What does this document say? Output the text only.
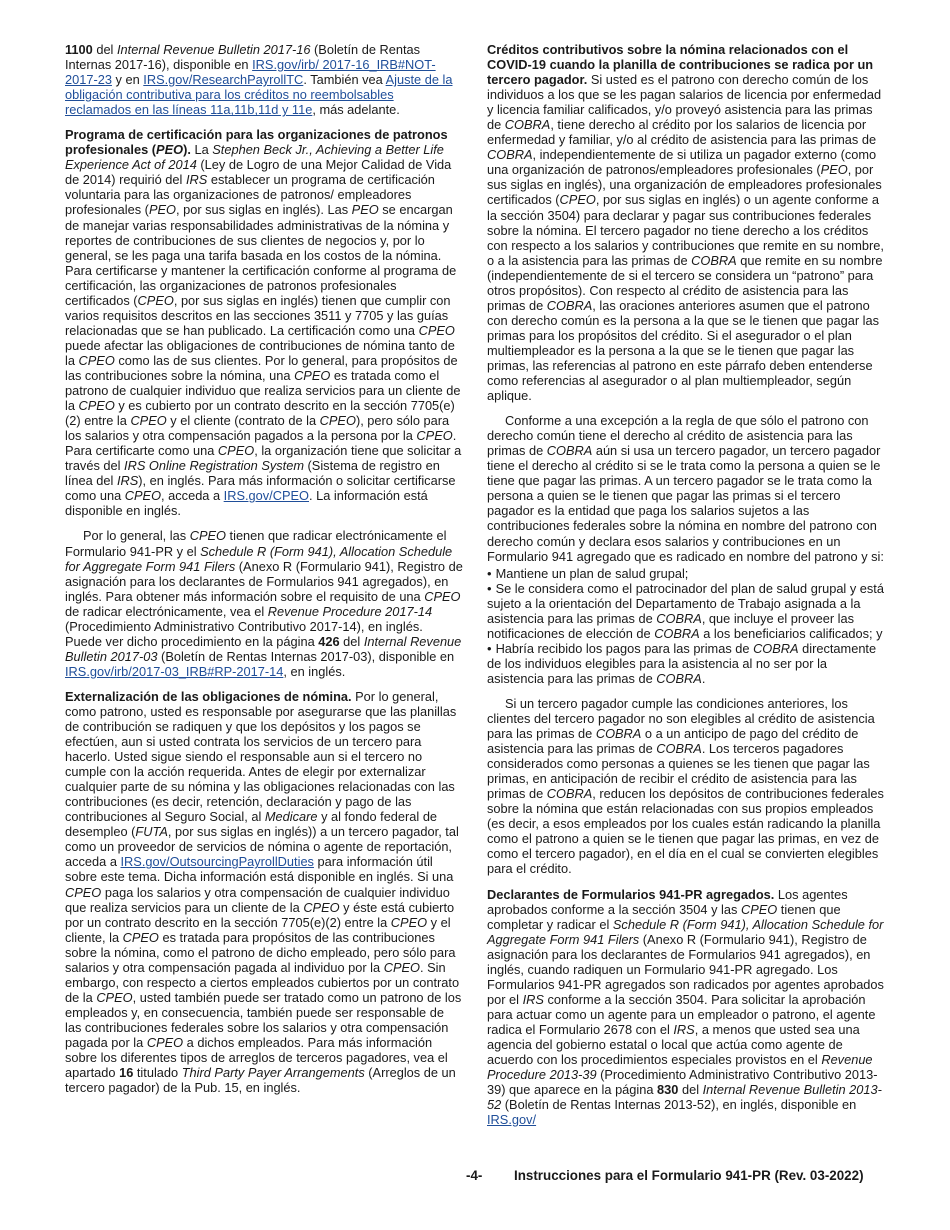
1100 del Internal Revenue Bulletin 2017-16 (Boletín de Rentas Internas 2017-16), disponible en IRS.gov/irb/ 2017-16_IRB#NOT-2017-23 y en IRS.gov/ResearchPayrollTC. También vea Ajuste de la obligación contributiva para los créditos no reembolsables reclamados en las líneas 11a,11b,11d y 11e, más adelante.

Programa de certificación para las organizaciones de patronos profesionales (PEO). La Stephen Beck Jr., Achieving a Better Life Experience Act of 2014 (Ley de Logro de una Mejor Calidad de Vida de 2014) requirió del IRS establecer un programa de certificación voluntaria para las organizaciones de patronos/ empleadores profesionales (PEO, por sus siglas en inglés). Las PEO se encargan de manejar varias responsabilidades administrativas de la nómina y reportes de contribuciones de sus clientes de negocios y, por lo general, se les paga una tarifa basada en los costos de la nómina. Para certificarse y mantener la certificación conforme al programa de certificación, las organizaciones de patronos profesionales certificados (CPEO, por sus siglas en inglés) tienen que cumplir con varios requisitos descritos en las secciones 3511 y 7705 y las guías relacionadas que se han publicado. La certificación como una CPEO puede afectar las obligaciones de contribuciones de nómina tanto de la CPEO como las de sus clientes. Por lo general, para propósitos de las contribuciones sobre la nómina, una CPEO es tratada como el patrono de cualquier individuo que realiza servicios para un cliente de la CPEO y es cubierto por un contrato descrito en la sección 7705(e)(2) entre la CPEO y el cliente (contrato de la CPEO), pero sólo para los salarios y otra compensación pagados a la persona por la CPEO. Para certificarte como una CPEO, la organización tiene que solicitar a través del IRS Online Registration System (Sistema de registro en línea del IRS), en inglés. Para más información o solicitar certificarse como una CPEO, acceda a IRS.gov/CPEO. La información está disponible en inglés.

Por lo general, las CPEO tienen que radicar electrónicamente el Formulario 941-PR y el Schedule R (Form 941), Allocation Schedule for Aggregate Form 941 Filers (Anexo R (Formulario 941), Registro de asignación para los declarantes de Formularios 941 agregados), en inglés. Para obtener más información sobre el requisito de una CPEO de radicar electrónicamente, vea el Revenue Procedure 2017-14 (Procedimiento Administrativo Contributivo 2017-14), en inglés. Puede ver dicho procedimiento en la página 426 del Internal Revenue Bulletin 2017-03 (Boletín de Rentas Internas 2017-03), disponible en IRS.gov/irb/2017-03_IRB#RP-2017-14, en inglés.

Externalización de las obligaciones de nómina. Por lo general, como patrono, usted es responsable por asegurarse que las planillas de contribución se radiquen y que los depósitos y los pagos se efectúen, aun si usted contrata los servicios de un tercero para hacerlo. Usted sigue siendo el responsable aun si el tercero no cumple con la acción requerida. Antes de elegir por externalizar cualquier parte de su nómina y las obligaciones relacionadas con las contribuciones (es decir, retención, declaración y pago de las contribuciones al Seguro Social, al Medicare y al fondo federal de desempleo (FUTA, por sus siglas en inglés)) a un tercero pagador, tal como un proveedor de servicios de nómina o agente de reportación, acceda a IRS.gov/OutsourcingPayrollDuties para información útil sobre este tema. Dicha información está disponible en inglés. Si una CPEO paga los salarios y otra compensación de cualquier individuo que realiza servicios para un cliente de la CPEO y éste está cubierto por un contrato descrito en la sección 7705(e)(2) entre la CPEO y el cliente, la CPEO es tratada para propósitos de las contribuciones sobre la nómina, como el patrono de dicho empleado, pero sólo para salarios y otra compensación pagada al individuo por la CPEO. Sin embargo, con respecto a ciertos empleados cubiertos por un contrato de la CPEO, usted también puede ser tratado como un patrono de los empleados y, en consecuencia, también puede ser responsable de las contribuciones federales sobre los salarios y otra compensación pagada por la CPEO a dichos empleados. Para más información sobre los diferentes tipos de arreglos de terceros pagadores, vea el apartado 16 titulado Third Party Payer Arrangements (Arreglos de un tercero pagador) de la Pub. 15, en inglés.

Créditos contributivos sobre la nómina relacionados con el COVID-19 cuando la planilla de contribuciones se radica por un tercero pagador. Si usted es el patrono con derecho común de los individuos a los que se les pagan salarios de licencia por enfermedad y licencia familiar calificados, y/o proveyó asistencia para las primas de COBRA, tiene derecho al crédito por los salarios de licencia por enfermedad y familiar, y/o al crédito de asistencia para las primas de COBRA, independientemente de si utiliza un pagador externo (como una organización de patronos/empleadores profesionales (PEO, por sus siglas en inglés), una organización de empleadores profesionales certificados (CPEO, por sus siglas en inglés) o un agente conforme a la sección 3504) para declarar y pagar sus contribuciones federales sobre la nómina. El tercero pagador no tiene derecho a los créditos con respecto a los salarios y contribuciones que remite en su nombre, o a la asistencia para las primas de COBRA que remite en su nombre (independientemente de si el tercero se considera un “patrono” para otros propósitos). Con respecto al crédito de asistencia para las primas de COBRA, las oraciones anteriores asumen que el patrono con derecho común es la persona a la que se le tienen que pagar las primas para los propósitos del crédito. Si el asegurador o el plan multiempleador es la persona a la que se le tienen que pagar las primas, las referencias al patrono en este párrafo deben entenderse como referencias al asegurador o al plan multiempleador, según aplique.

Conforme a una excepción a la regla de que sólo el patrono con derecho común tiene el derecho al crédito de asistencia para las primas de COBRA aún si usa un tercero pagador, un tercero pagador tiene el derecho al crédito si se le trata como la persona a quien se le tiene que pagar las primas. A un tercero pagador se le trata como la persona a quien se le tienen que pagar las primas si el tercero pagador es la entidad que paga los salarios sujetos a las contribuciones federales sobre la nómina en nombre del patrono con derecho común y declara esos salarios y contribuciones en un Formulario 941 agregado que es radicado en nombre del patrono y si:

• Mantiene un plan de salud grupal;
• Se le considera como el patrocinador del plan de salud grupal y está sujeto a la orientación del Departamento de Trabajo asignada a la asistencia para las primas de COBRA, que incluye el proveer las notificaciones de elección de COBRA a los beneficiarios calificados; y
• Habría recibido los pagos para las primas de COBRA directamente de los individuos elegibles para la asistencia al no ser por la asistencia para las primas de COBRA.

Si un tercero pagador cumple las condiciones anteriores, los clientes del tercero pagador no son elegibles al crédito de asistencia para las primas de COBRA o a un anticipo de pago del crédito de asistencia para las primas de COBRA. Los terceros pagadores considerados como personas a quienes se les tienen que pagar las primas, en anticipación de recibir el crédito de asistencia para las primas de COBRA, reducen los depósitos de contribuciones federales sobre la nómina que están relacionadas con sus propios empleados (es decir, a esos empleados por los cuales están radicando la planilla como el patrono a quien se le tienen que pagar las primas, en vez de como el tercero pagador), en el día en el cual se convierten elegibles para el crédito.

Declarantes de Formularios 941-PR agregados. Los agentes aprobados conforme a la sección 3504 y las CPEO tienen que completar y radicar el Schedule R (Form 941), Allocation Schedule for Aggregate Form 941 Filers (Anexo R (Formulario 941), Registro de asignación para los declarantes de Formularios 941 agregados), en inglés, cuando radiquen un Formulario 941-PR agregado. Los Formularios 941-PR agregados son radicados por agentes aprobados por el IRS conforme a la sección 3504. Para solicitar la aprobación para actuar como un agente para un empleador o patrono, el agente radica el Formulario 2678 con el IRS, a menos que usted sea una agencia del gobierno estatal o local que actúa como agente de acuerdo con los procedimientos especiales provistos en el Revenue Procedure 2013-39 (Procedimiento Administrativo Contributivo 2013-39) que aparece en la página 830 del Internal Revenue Bulletin 2013-52 (Boletín de Rentas Internas 2013-52), en inglés, disponible en IRS.gov/

-4- Instrucciones para el Formulario 941-PR (Rev. 03-2022)
